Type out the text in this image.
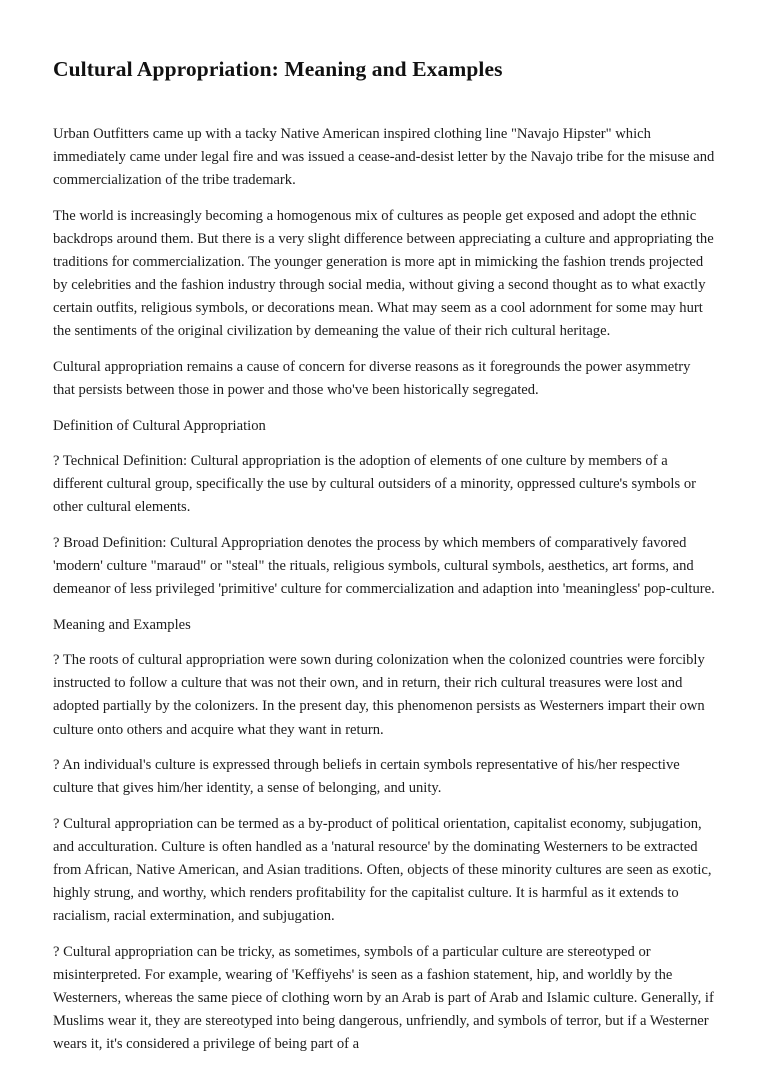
Cultural Appropriation: Meaning and Examples

Urban Outfitters came up with a tacky Native American inspired clothing line "Navajo Hipster" which immediately came under legal fire and was issued a cease-and-desist letter by the Navajo tribe for the misuse and commercialization of the tribe trademark.

The world is increasingly becoming a homogenous mix of cultures as people get exposed and adopt the ethnic backdrops around them. But there is a very slight difference between appreciating a culture and appropriating the traditions for commercialization. The younger generation is more apt in mimicking the fashion trends projected by celebrities and the fashion industry through social media, without giving a second thought as to what exactly certain outfits, religious symbols, or decorations mean. What may seem as a cool adornment for some may hurt the sentiments of the original civilization by demeaning the value of their rich cultural heritage.

Cultural appropriation remains a cause of concern for diverse reasons as it foregrounds the power asymmetry that persists between those in power and those who've been historically segregated.

Definition of Cultural Appropriation

? Technical Definition: Cultural appropriation is the adoption of elements of one culture by members of a different cultural group, specifically the use by cultural outsiders of a minority, oppressed culture's symbols or other cultural elements.

? Broad Definition: Cultural Appropriation denotes the process by which members of comparatively favored 'modern' culture "maraud" or "steal" the rituals, religious symbols, cultural symbols, aesthetics, art forms, and demeanor of less privileged 'primitive' culture for commercialization and adaption into 'meaningless' pop-culture.

Meaning and Examples

? The roots of cultural appropriation were sown during colonization when the colonized countries were forcibly instructed to follow a culture that was not their own, and in return, their rich cultural treasures were lost and adopted partially by the colonizers. In the present day, this phenomenon persists as Westerners impart their own culture onto others and acquire what they want in return.

? An individual's culture is expressed through beliefs in certain symbols representative of his/her respective culture that gives him/her identity, a sense of belonging, and unity.

? Cultural appropriation can be termed as a by-product of political orientation, capitalist economy, subjugation, and acculturation. Culture is often handled as a 'natural resource' by the dominating Westerners to be extracted from African, Native American, and Asian traditions. Often, objects of these minority cultures are seen as exotic, highly strung, and worthy, which renders profitability for the capitalist culture. It is harmful as it extends to racialism, racial extermination, and subjugation.

? Cultural appropriation can be tricky, as sometimes, symbols of a particular culture are stereotyped or misinterpreted. For example, wearing of 'Keffiyehs' is seen as a fashion statement, hip, and worldly by the Westerners, whereas the same piece of clothing worn by an Arab is part of Arab and Islamic culture. Generally, if Muslims wear it, they are stereotyped into being dangerous, unfriendly, and symbols of terror, but if a Westerner wears it, it's considered a privilege of being part of a
